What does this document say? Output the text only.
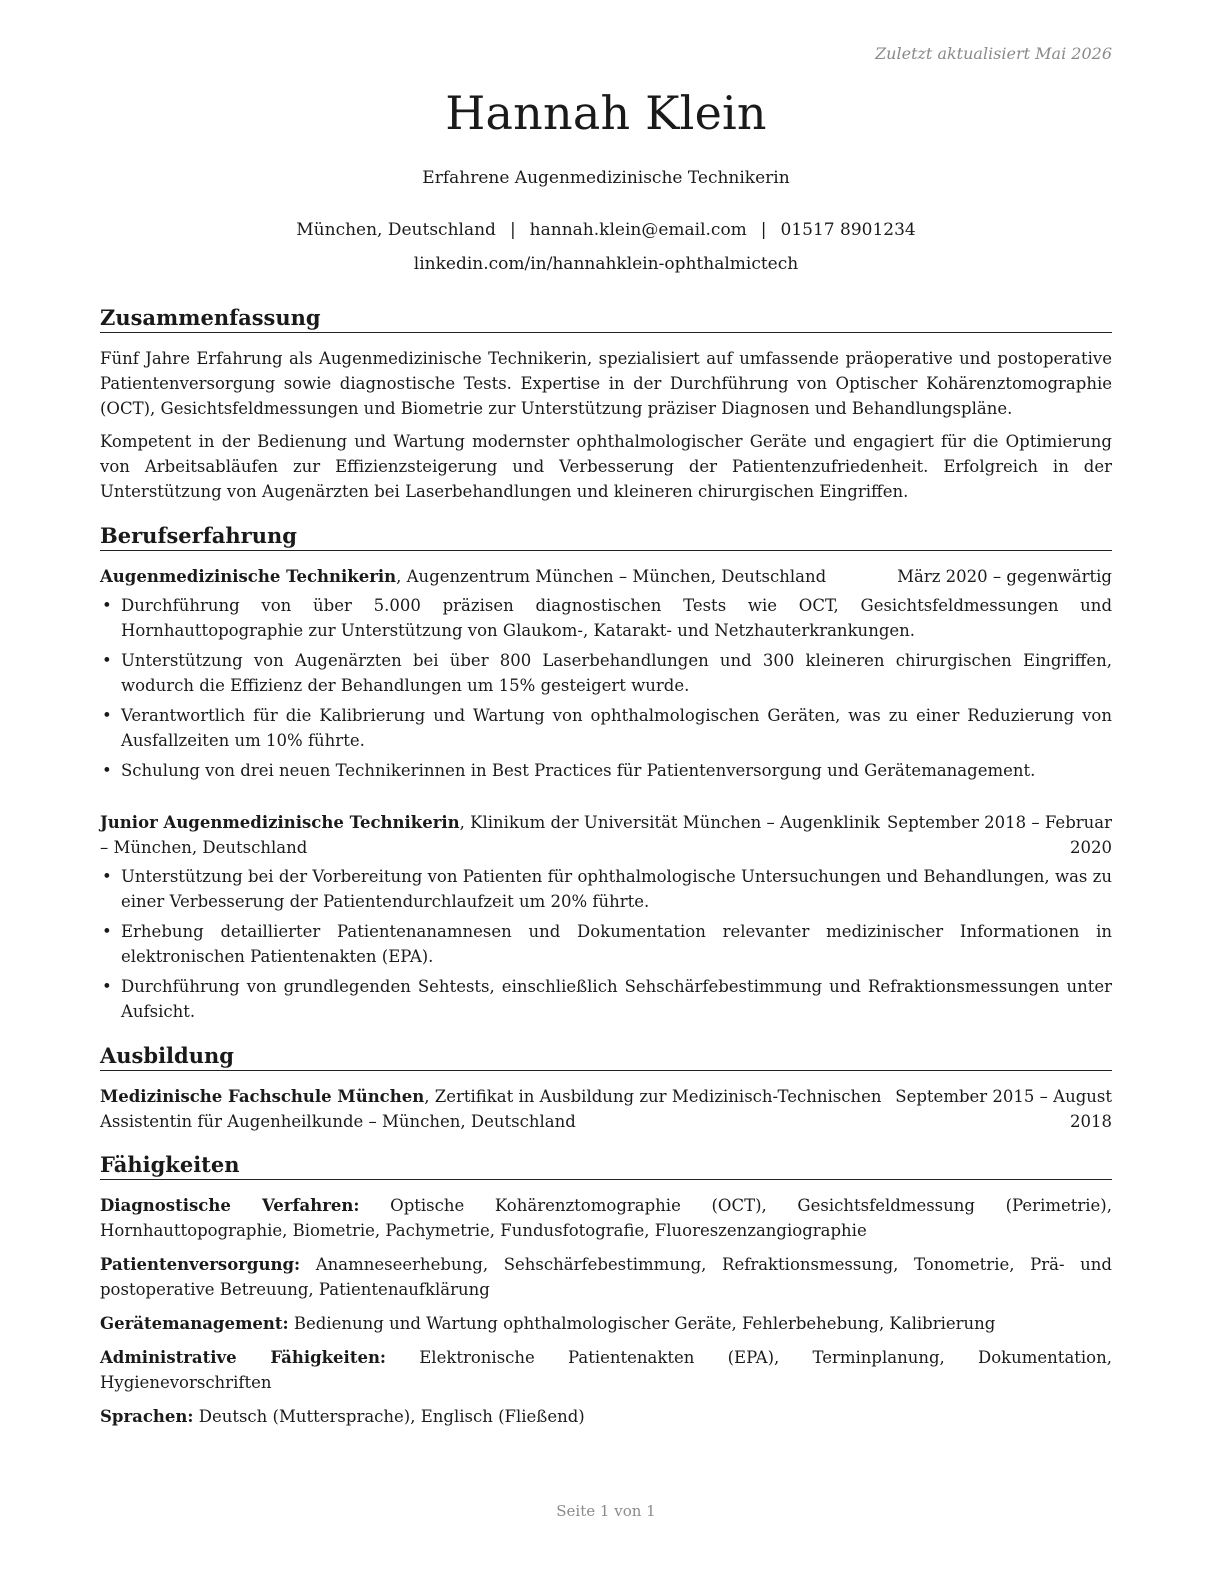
Zuletzt aktualisiert Mai 2026
Hannah Klein
Erfahrene Augenmedizinische Technikerin
München, Deutschland | hannah.klein@email.com | 01517 8901234
linkedin.com/in/hannahklein-ophthalmictech
Zusammenfassung

Fünf Jahre Erfahrung als Augenmedizinische Technikerin, spezialisiert auf umfassende präoperative und postoperative Patientenversorgung sowie diagnostische Tests. Expertise in der Durchführung von Optischer Kohärenztomographie (OCT), Gesichtsfeldmessungen und Biometrie zur Unterstützung präziser Diagnosen und Behandlungspläne.

Kompetent in der Bedienung und Wartung modernster ophthalmologischer Geräte und engagiert für die Optimierung von Arbeitsabläufen zur Effizienzsteigerung und Verbesserung der Patientenzufriedenheit. Erfolgreich in der Unterstützung von Augenärzten bei Laserbehandlungen und kleineren chirurgischen Eingriffen.

Berufserfahrung
Augenmedizinische Technikerin, Augenzentrum München – München, Deutschland	März 2020 – gegenwärtig
• Durchführung von über 5.000 präzisen diagnostischen Tests wie OCT, Gesichtsfeldmessungen und Hornhauttopographie zur Unterstützung von Glaukom-, Katarakt- und Netzhauterkrankungen.
• Unterstützung von Augenärzten bei über 800 Laserbehandlungen und 300 kleineren chirurgischen Eingriffen, wodurch die Effizienz der Behandlungen um 15% gesteigert wurde.
• Verantwortlich für die Kalibrierung und Wartung von ophthalmologischen Geräten, was zu einer Reduzierung von Ausfallzeiten um 10% führte.
• Schulung von drei neuen Technikerinnen in Best Practices für Patientenversorgung und Gerätemanagement.
Junior Augenmedizinische Technikerin, Klinikum der Universität München – Augenklinik – München, Deutschland
September 2018 – Februar
2020
• Unterstützung bei der Vorbereitung von Patienten für ophthalmologische Untersuchungen und Behandlungen, was zu einer Verbesserung der Patientendurchlaufzeit um 20% führte.
• Erhebung detaillierter Patientenanamnesen und Dokumentation relevanter medizinischer Informationen in elektronischen Patientenakten (EPA).
• Durchführung von grundlegenden Sehtests, einschließlich Sehschärfebestimmung und Refraktionsmessungen unter Aufsicht.
Ausbildung
Medizinische Fachschule München, Zertifikat in Ausbildung zur Medizinisch-Technischen Assistentin für Augenheilkunde – München, Deutschland
September 2015 – August
2018
Fähigkeiten

Diagnostische Verfahren: Optische Kohärenztomographie (OCT), Gesichtsfeldmessung (Perimetrie), Hornhauttopographie, Biometrie, Pachymetrie, Fundusfotografie, Fluoreszenzangiographie

Patientenversorgung: Anamneseerhebung, Sehschärfebestimmung, Refraktionsmessung, Tonometrie, Prä- und postoperative Betreuung, Patientenaufklärung

Gerätemanagement: Bedienung und Wartung ophthalmologischer Geräte, Fehlerbehebung, Kalibrierung

Administrative Fähigkeiten: Elektronische Patientenakten (EPA), Terminplanung, Dokumentation, Hygienevorschriften

Sprachen: Deutsch (Muttersprache), Englisch (Fließend)

Seite 1 von 1
